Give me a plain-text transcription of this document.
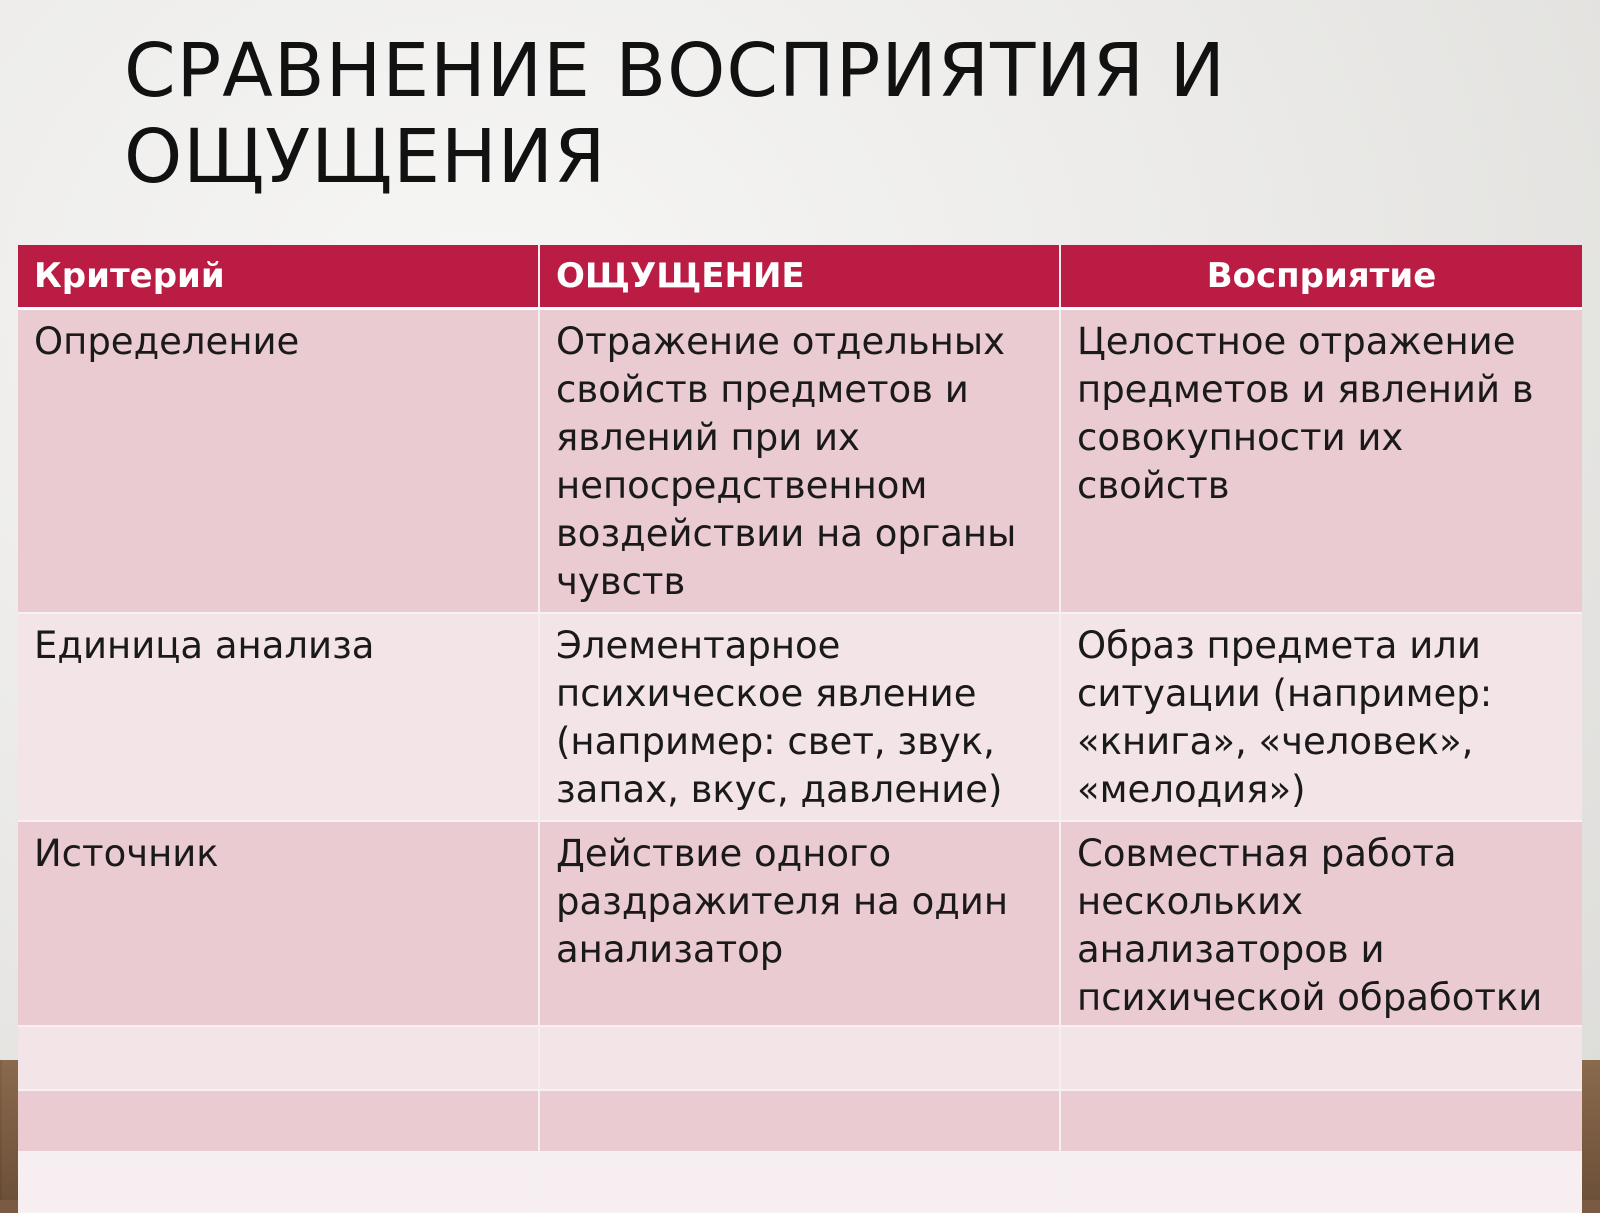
СРАВНЕНИЕ ВОСПРИЯТИЯ И ОЩУЩЕНИЯ
Критерий	ОЩУЩЕНИЕ	Восприятие
Определение	Отражение отдельных свойств предметов и явлений при их непосредственном воздействии на органы чувств	Целостное отражение предметов и явлений в совокупности их свойств
Единица анализа	Элементарное психическое явление (например: свет, звук, запах, вкус, давление)	Образ предмета или ситуации (например: «книга», «человек», «мелодия»)
Источник	Действие одного раздражителя на один анализатор	Совместная работа нескольких анализаторов и психической обработки
